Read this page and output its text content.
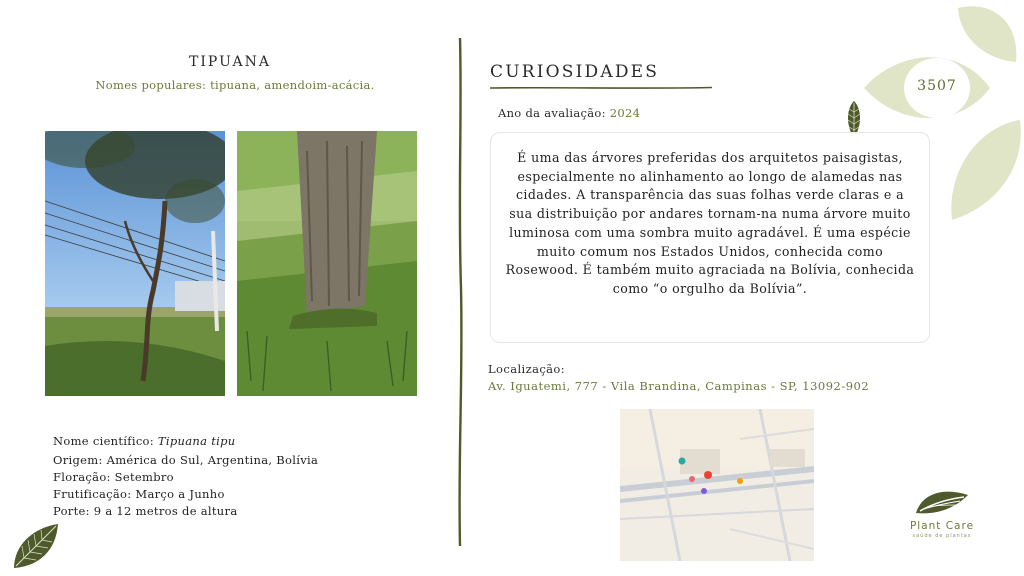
3507
TIPUANA
Nomes populares: tipuana, amendoim-acácia.
Nome científico: Tipuana tipu
Origem: América do Sul, Argentina, Bolívia
Floração: Setembro
Frutificação: Março a Junho
Porte: 9 a 12 metros de altura
CURIOSIDADES
Ano da avaliação: 2024

É uma das árvores preferidas dos arquitetos paisagistas, especialmente no alinhamento ao longo de alamedas nas cidades. A transparência das suas folhas verde claras e a sua distribuição por andares tornam-na numa árvore muito luminosa com uma sombra muito agradável. É uma espécie muito comum nos Estados Unidos, conhecida como Rosewood. É também muito agraciada na Bolívia, conhecida como “o orgulho da Bolívia”.

Localização:
Av. Iguatemi, 777 - Vila Brandina, Campinas - SP, 13092-902
Plant Care
saúde de plantas
